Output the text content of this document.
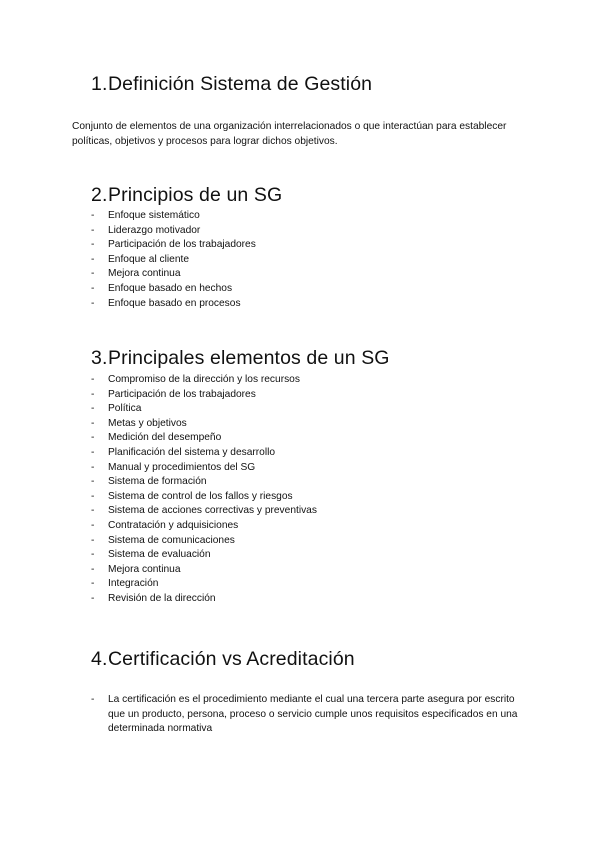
1.Definición Sistema de Gestión

Conjunto de elementos de una organización interrelacionados o que interactúan para establecer políticas, objetivos y procesos para lograr dichos objetivos.

2.Principios de un SG
- Enfoque sistemático
- Liderazgo motivador
- Participación de los trabajadores
- Enfoque al cliente
- Mejora continua
- Enfoque basado en hechos
- Enfoque basado en procesos
3.Principales elementos de un SG
- Compromiso de la dirección y los recursos
- Participación de los trabajadores
- Política
- Metas y objetivos
- Medición del desempeño
- Planificación del sistema y desarrollo
- Manual y procedimientos del SG
- Sistema de formación
- Sistema de control de los fallos y riesgos
- Sistema de acciones correctivas y preventivas
- Contratación y adquisiciones
- Sistema de comunicaciones
- Sistema de evaluación
- Mejora continua
- Integración
- Revisión de la dirección
4.Certificación vs Acreditación
- La certificación es el procedimiento mediante el cual una tercera parte asegura por escrito que un producto, persona, proceso o servicio cumple unos requisitos especificados en una determinada normativa
